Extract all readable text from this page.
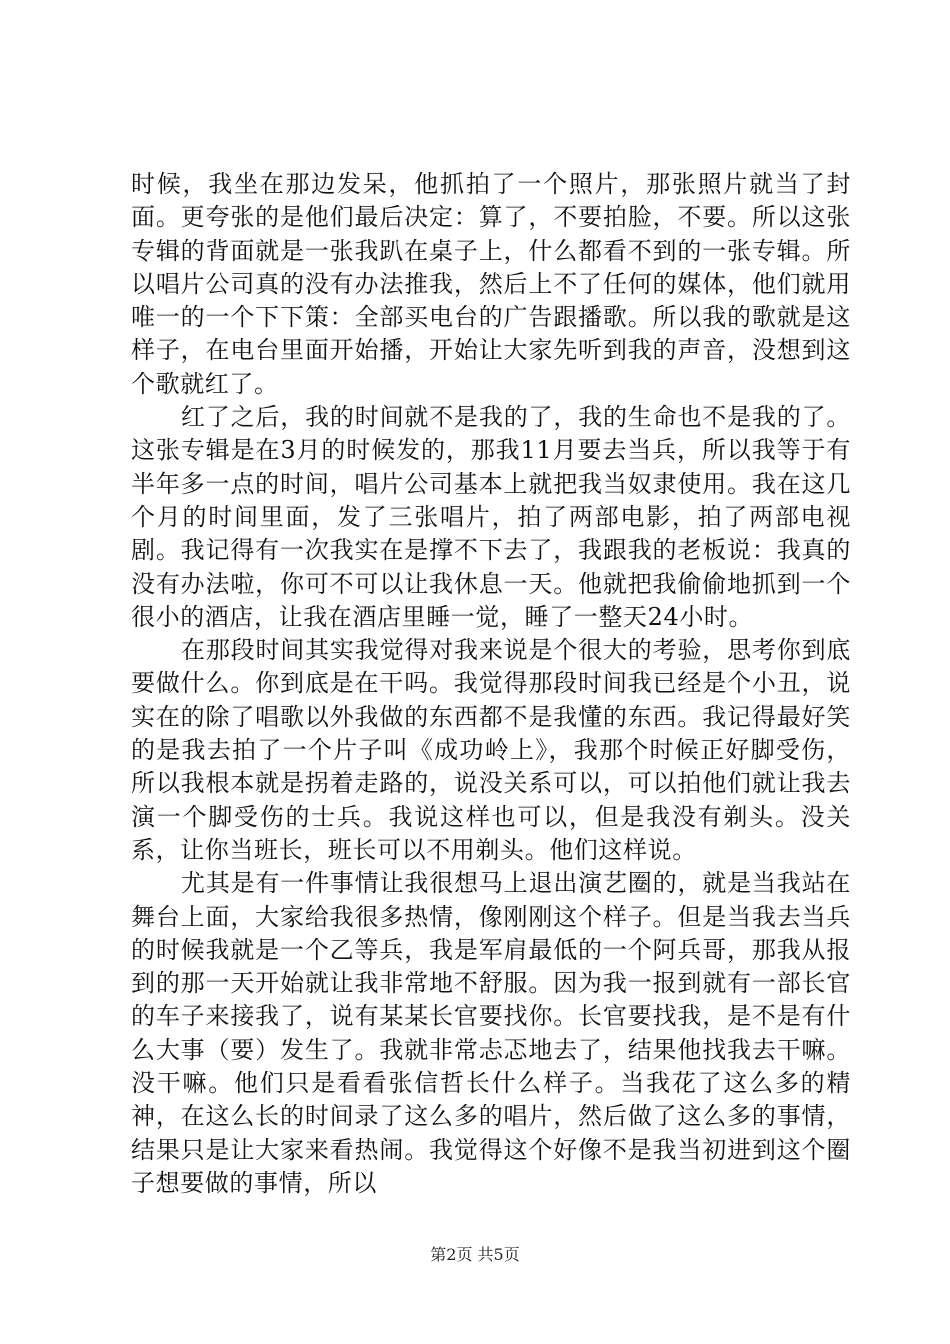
时候，我坐在那边发呆，他抓拍了一个照片，那张照片就当了封面。更夸张的是他们最后决定：算了，不要拍脸，不要。所以这张专辑的背面就是一张我趴在桌子上，什么都看不到的一张专辑。所以唱片公司真的没有办法推我，然后上不了任何的媒体，他们就用唯一的一个下下策：全部买电台的广告跟播歌。所以我的歌就是这样子，在电台里面开始播，开始让大家先听到我的声音，没想到这个歌就红了。

红了之后，我的时间就不是我的了，我的生命也不是我的了。这张专辑是在3月的时候发的，那我11月要去当兵，所以我等于有半年多一点的时间，唱片公司基本上就把我当奴隶使用。我在这几个月的时间里面，发了三张唱片，拍了两部电影，拍了两部电视剧。我记得有一次我实在是撑不下去了，我跟我的老板说：我真的没有办法啦，你可不可以让我休息一天。他就把我偷偷地抓到一个很小的酒店，让我在酒店里睡一觉，睡了一整天24小时。

在那段时间其实我觉得对我来说是个很大的考验，思考你到底要做什么。你到底是在干吗。我觉得那段时间我已经是个小丑，说实在的除了唱歌以外我做的东西都不是我懂的东西。我记得最好笑的是我去拍了一个片子叫《成功岭上》，我那个时候正好脚受伤，所以我根本就是拐着走路的，说没关系可以，可以拍他们就让我去演一个脚受伤的士兵。我说这样也可以，但是我没有剃头。没关系，让你当班长，班长可以不用剃头。他们这样说。

尤其是有一件事情让我很想马上退出演艺圈的，就是当我站在舞台上面，大家给我很多热情，像刚刚这个样子。但是当我去当兵的时候我就是一个乙等兵，我是军肩最低的一个阿兵哥，那我从报到的那一天开始就让我非常地不舒服。因为我一报到就有一部长官的车子来接我了，说有某某长官要找你。长官要找我，是不是有什么大事（要）发生了。我就非常忐忑地去了，结果他找我去干嘛。没干嘛。他们只是看看张信哲长什么样子。当我花了这么多的精神，在这么长的时间录了这么多的唱片，然后做了这么多的事情，结果只是让大家来看热闹。我觉得这个好像不是我当初进到这个圈子想要做的事情，所以

第2页 共5页
